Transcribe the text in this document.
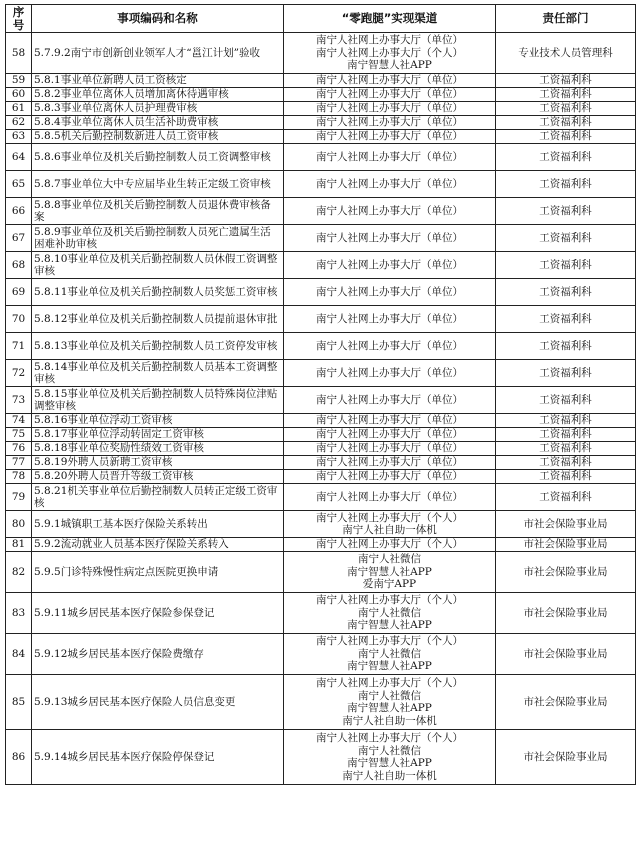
序号	事项编码和名称	“零跑腿”实现渠道	责任部门
58	5.7.9.2南宁市创新创业领军人才“邕江计划”验收	南宁人社网上办事大厅（单位）
南宁人社网上办事大厅（个人）
南宁智慧人社APP	专业技术人员管理科
59	5.8.1事业单位新聘人员工资核定	南宁人社网上办事大厅（单位）	工资福利科
60	5.8.2事业单位离休人员增加离休待遇审核	南宁人社网上办事大厅（单位）	工资福利科
61	5.8.3事业单位离休人员护理费审核	南宁人社网上办事大厅（单位）	工资福利科
62	5.8.4事业单位离休人员生活补助费审核	南宁人社网上办事大厅（单位）	工资福利科
63	5.8.5机关后勤控制数新进人员工资审核	南宁人社网上办事大厅（单位）	工资福利科
64	5.8.6事业单位及机关后勤控制数人员工资调整审核	南宁人社网上办事大厅（单位）	工资福利科
65	5.8.7事业单位大中专应届毕业生转正定级工资审核	南宁人社网上办事大厅（单位）	工资福利科
66	5.8.8事业单位及机关后勤控制数人员退休费审核备案	南宁人社网上办事大厅（单位）	工资福利科
67	5.8.9事业单位及机关后勤控制数人员死亡遗属生活困难补助审核	南宁人社网上办事大厅（单位）	工资福利科
68	5.8.10事业单位及机关后勤控制数人员休假工资调整审核	南宁人社网上办事大厅（单位）	工资福利科
69	5.8.11事业单位及机关后勤控制数人员奖惩工资审核	南宁人社网上办事大厅（单位）	工资福利科
70	5.8.12事业单位及机关后勤控制数人员提前退休审批	南宁人社网上办事大厅（单位）	工资福利科
71	5.8.13事业单位及机关后勤控制数人员工资停发审核	南宁人社网上办事大厅（单位）	工资福利科
72	5.8.14事业单位及机关后勤控制数人员基本工资调整审核	南宁人社网上办事大厅（单位）	工资福利科
73	5.8.15事业单位及机关后勤控制数人员特殊岗位津贴调整审核	南宁人社网上办事大厅（单位）	工资福利科
74	5.8.16事业单位浮动工资审核	南宁人社网上办事大厅（单位）	工资福利科
75	5.8.17事业单位浮动转固定工资审核	南宁人社网上办事大厅（单位）	工资福利科
76	5.8.18事业单位奖励性绩效工资审核	南宁人社网上办事大厅（单位）	工资福利科
77	5.8.19外聘人员新聘工资审核	南宁人社网上办事大厅（单位）	工资福利科
78	5.8.20外聘人员晋升等级工资审核	南宁人社网上办事大厅（单位）	工资福利科
79	5.8.21机关事业单位后勤控制数人员转正定级工资审核	南宁人社网上办事大厅（单位）	工资福利科
80	5.9.1城镇职工基本医疗保险关系转出	南宁人社网上办事大厅（个人）
南宁人社自助一体机	市社会保险事业局
81	5.9.2流动就业人员基本医疗保险关系转入	南宁人社网上办事大厅（个人）	市社会保险事业局
82	5.9.5门诊特殊慢性病定点医院更换申请	南宁人社微信
南宁智慧人社APP
爱南宁APP	市社会保险事业局
83	5.9.11城乡居民基本医疗保险参保登记	南宁人社网上办事大厅（个人）
南宁人社微信
南宁智慧人社APP	市社会保险事业局
84	5.9.12城乡居民基本医疗保险费缴存	南宁人社网上办事大厅（个人）
南宁人社微信
南宁智慧人社APP	市社会保险事业局
85	5.9.13城乡居民基本医疗保险人员信息变更	南宁人社网上办事大厅（个人）
南宁人社微信
南宁智慧人社APP
南宁人社自助一体机	市社会保险事业局
86	5.9.14城乡居民基本医疗保险停保登记	南宁人社网上办事大厅（个人）
南宁人社微信
南宁智慧人社APP
南宁人社自助一体机	市社会保险事业局
